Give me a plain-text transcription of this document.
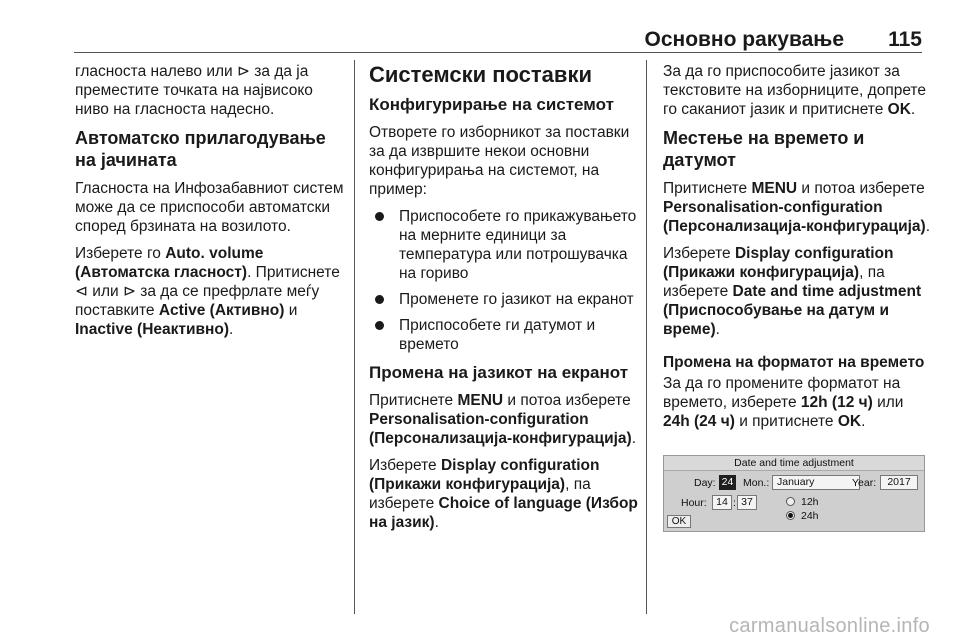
Основно ракување 115
гласноста налево или ⊳ за да ја преместите точката на највисоко ниво на гласноста надесно.
Автоматско прилагодување на јачината
Гласноста на Инфозабавниот систем може да се приспособи автоматски според брзината на возилото.
Изберете го Auto. volume (Автоматска гласност). Притиснете ⊲ или ⊳ за да се префрлате меѓу поставките Active (Активно) и Inactive (Неактивно).
Системски поставки
Конфигурирање на системот
Отворете го изборникот за поставки за да извршите некои основни конфигурирања на системот, на пример:
Приспособете го прикажувањето на мерните единици за температура или потрошувачка на гориво
Променете го јазикот на екранот
Приспособете ги датумот и времето
Промена на јазикот на екранот
Притиснете MENU и потоа изберете Personalisation-configuration (Персонализација-конфигурација).
Изберете Display configuration (Прикажи конфигурација), па изберете Choice of language (Избор на јазик).
За да го приспособите јазикот за текстовите на изборниците, допрете го саканиот јазик и притиснете OK.
Местење на времето и датумот
Притиснете MENU и потоа изберете Personalisation-configuration (Персонализација-конфигурација).
Изберете Display configuration (Прикажи конфигурација), па изберете Date and time adjustment (Приспособување на датум и време).
Промена на форматот на времето
За да го промените форматот на времето, изберете 12h (12 ч) или 24h (24 ч) и притиснете OK.
Date and time adjustment
Day: 24 Mon.: January	Year:	2017
Hour: 14 : 37	12h
24h
OK
carmanualsonline.info
